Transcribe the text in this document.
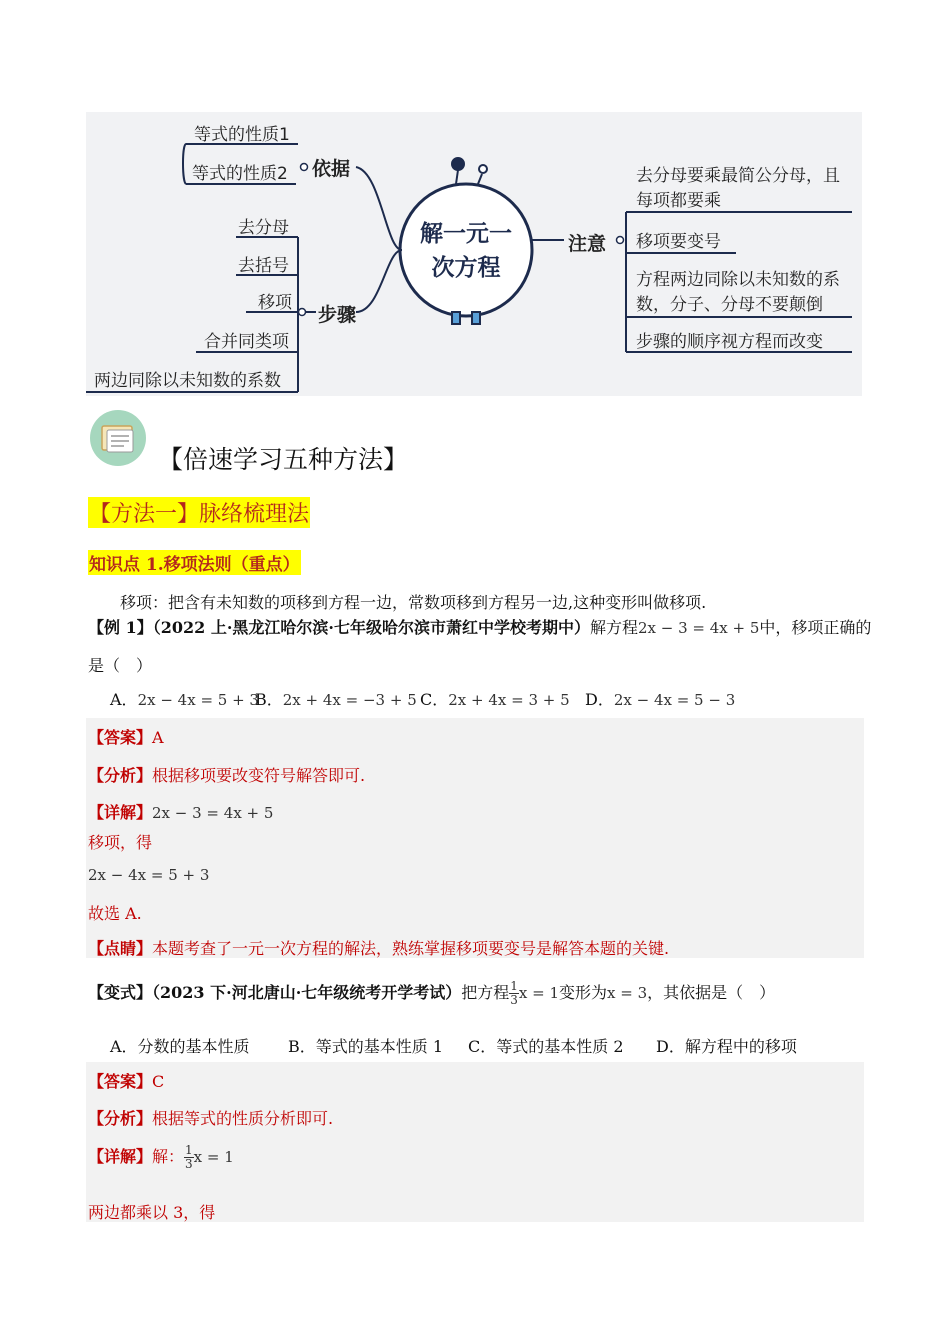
解一元一
次方程
依据
等式的性质1
等式的性质2
步骤
去分母
去括号
移项
合并同类项
两边同除以未知数的系数
注意
去分母要乘最简公分母，且
每项都要乘
移项要变号
方程两边同除以未知数的系
数，分子、分母不要颠倒
步骤的顺序视方程而改变
【倍速学习五种方法】
【方法一】脉络梳理法
知识点 1.移项法则（重点）
移项：把含有未知数的项移到方程一边，常数项移到方程另一边,这种变形叫做移项.
【例 1】（2022 上·黑龙江哈尔滨·七年级哈尔滨市萧红中学校考期中）解方程2x − 3 = 4x + 5中，移项正确的
是（　）
A．2x − 4x = 5 + 3
B．2x + 4x = −3 + 5 C．2x + 4x = 3 + 5 D．2x − 4x = 5 − 3
【答案】A
【分析】根据移项要改变符号解答即可.
【详解】2x − 3 = 4x + 5
移项，得
2x − 4x = 5 + 3
故选 A.
【点睛】本题考查了一元一次方程的解法，熟练掌握移项要变号是解答本题的关键.
【变式】（2023 下·河北唐山·七年级统考开学考试）把方程 $\frac{1}{3}$ x = 1变形为x = 3，其依据是（　）
A．分数的基本性质 B．等式的基本性质 1 C．等式的基本性质 2 D．解方程中的移项
【答案】C
【分析】根据等式的性质分析即可.
【详解】解： $\frac{1}{3}$ x = 1
两边都乘以 3，得
